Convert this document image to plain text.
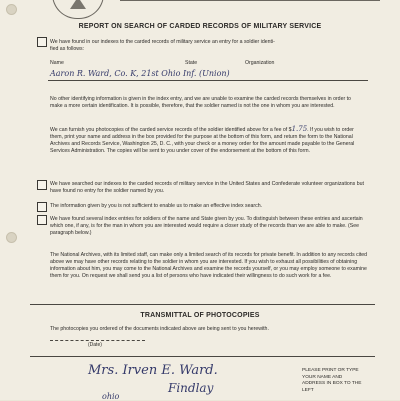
REPORT ON SEARCH OF CARDED RECORDS OF MILITARY SERVICE
We have found in our indexes to the carded records of military service an entry for a soldier identi-
fied as follows:
Name	State	Organization
Aaron R. Ward, Co. K, 21st Ohio Inf. (Union)
No other identifying information is given in the index entry, and we are unable to examine the carded records themselves in order to make a more certain identification. It is possible, therefore, that the soldier named is not the one in whom you are interested.
We can furnish you photocopies of the carded service records of the soldier identified above for a fee of $1.75. If you wish to order them, print your name and address in the box provided for the purpose at the bottom of this form, and return the form to the National Archives and Records Service, Washington 25, D. C., with your check or a money order for the amount made payable to the General Services Administration. The copies will be sent to you under cover of the endorsement at the bottom of this form.
We have searched our indexes to the carded records of military service in the United States and Confederate volunteer organizations but have found no entry for the soldier named by you.
The information given by you is not sufficient to enable us to make an effective index search.
We have found several index entries for soldiers of the name and State given by you. To distinguish between these entries and ascertain which one, if any, is for the man in whom you are interested would require a closer study of the records than we are able to make. (See paragraph below.)
The National Archives, with its limited staff, can make only a limited search of its records for private benefit. In addition to any records cited above we may have other records relating to the soldier in whom you are interested. If you wish to exhaust all possibilities of obtaining information about him, you may come to the National Archives and examine the records yourself, or you may employ someone to examine them for you. On request we shall send you a list of persons who have indicated their willingness to do such work for a fee.
TRANSMITTAL OF PHOTOCOPIES
The photocopies you ordered of the documents indicated above are being sent to you herewith.
(Date)
Mrs. Irven E. Ward.
Findlay
ohio
PLEASE PRINT OR TYPE YOUR NAME AND ADDRESS IN BOX TO THE LEFT
